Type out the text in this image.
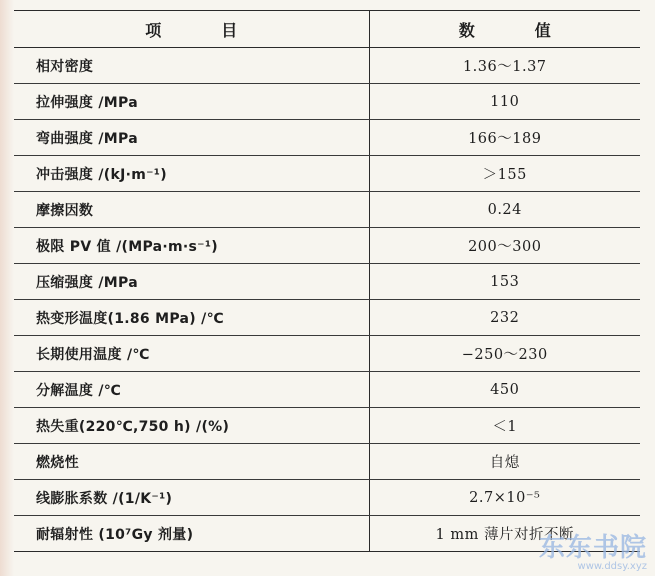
项目	数值
相对密度	1.36～1.37
拉伸强度 /MPa	110
弯曲强度 /MPa	166～189
冲击强度 /(kJ·m⁻¹)	＞155
摩擦因数	0.24
极限 PV 值 /(MPa·m·s⁻¹)	200～300
压缩强度 /MPa	153
热变形温度(1.86 MPa) /℃	232
长期使用温度 /℃	−250～230
分解温度 /℃	450
热失重(220℃,750 h) /(%)	＜1
燃烧性	自熄
线膨胀系数 /(1/K⁻¹)	2.7×10⁻⁵
耐辐射性 (10⁷Gy 剂量)	1 mm 薄片对折不断
东东书院
www.ddsy.xyz
